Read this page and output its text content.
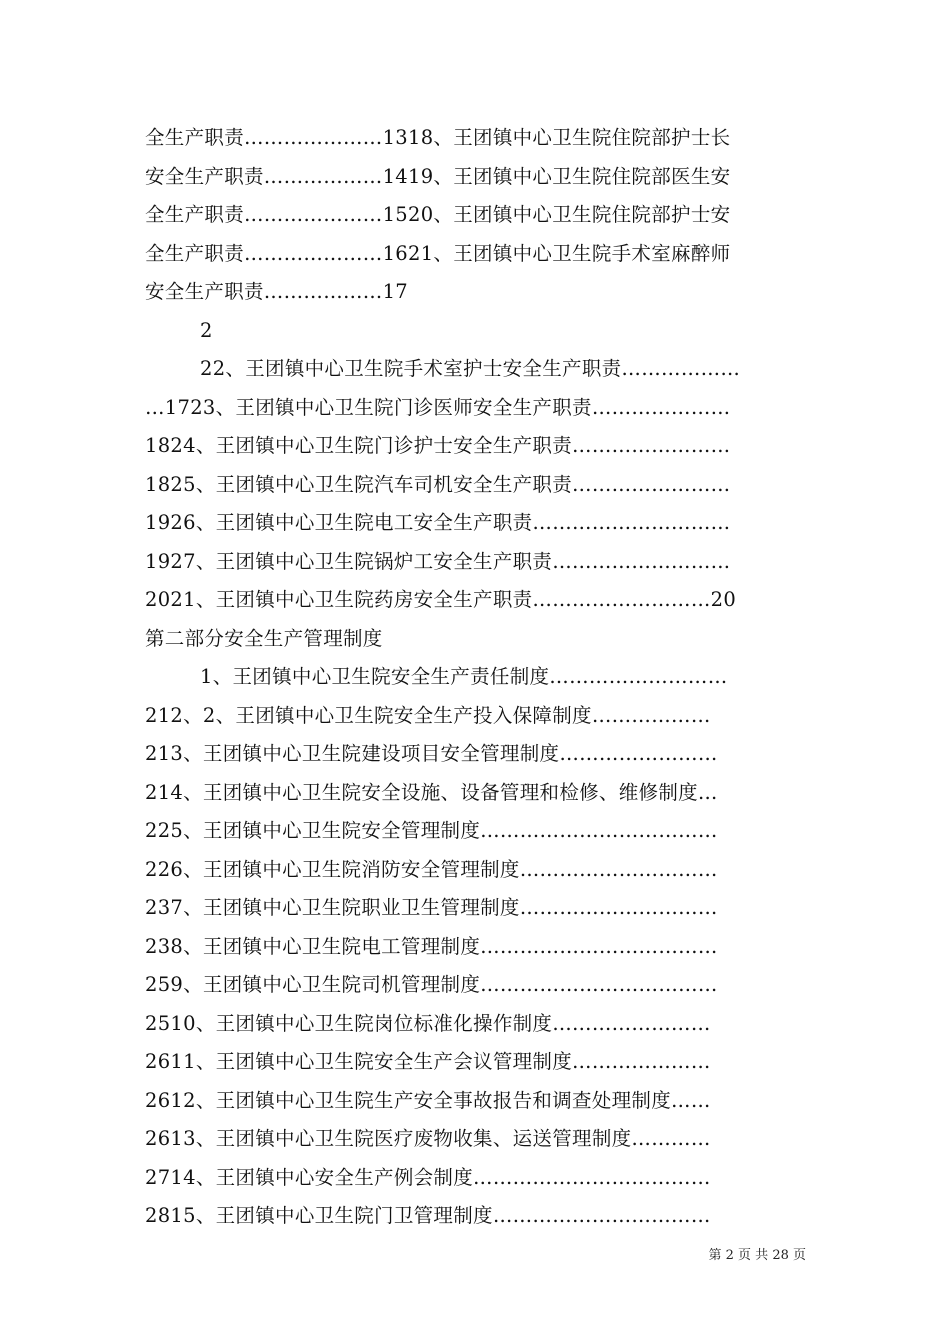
全生产职责…………………1318、王团镇中心卫生院住院部护士长
安全生产职责………………1419、王团镇中心卫生院住院部医生安
全生产职责…………………1520、王团镇中心卫生院住院部护士安
全生产职责…………………1621、王团镇中心卫生院手术室麻醉师
安全生产职责………………17
2
22、王团镇中心卫生院手术室护士安全生产职责………………
…1723、王团镇中心卫生院门诊医师安全生产职责…………………
1824、王团镇中心卫生院门诊护士安全生产职责……………………
1825、王团镇中心卫生院汽车司机安全生产职责……………………
1926、王团镇中心卫生院电工安全生产职责…………………………
1927、王团镇中心卫生院锅炉工安全生产职责………………………
2021、王团镇中心卫生院药房安全生产职责………………………20
第二部分安全生产管理制度
1、王团镇中心卫生院安全生产责任制度………………………
212、2、王团镇中心卫生院安全生产投入保障制度………………
213、王团镇中心卫生院建设项目安全管理制度……………………
214、王团镇中心卫生院安全设施、设备管理和检修、维修制度…
225、王团镇中心卫生院安全管理制度………………………………
226、王团镇中心卫生院消防安全管理制度…………………………
237、王团镇中心卫生院职业卫生管理制度…………………………
238、王团镇中心卫生院电工管理制度………………………………
259、王团镇中心卫生院司机管理制度………………………………
2510、王团镇中心卫生院岗位标准化操作制度……………………
2611、王团镇中心卫生院安全生产会议管理制度…………………
2612、王团镇中心卫生院生产安全事故报告和调查处理制度……
2613、王团镇中心卫生院医疗废物收集、运送管理制度…………
2714、王团镇中心安全生产例会制度………………………………
2815、王团镇中心卫生院门卫管理制度……………………………
第 2 页 共 28 页
